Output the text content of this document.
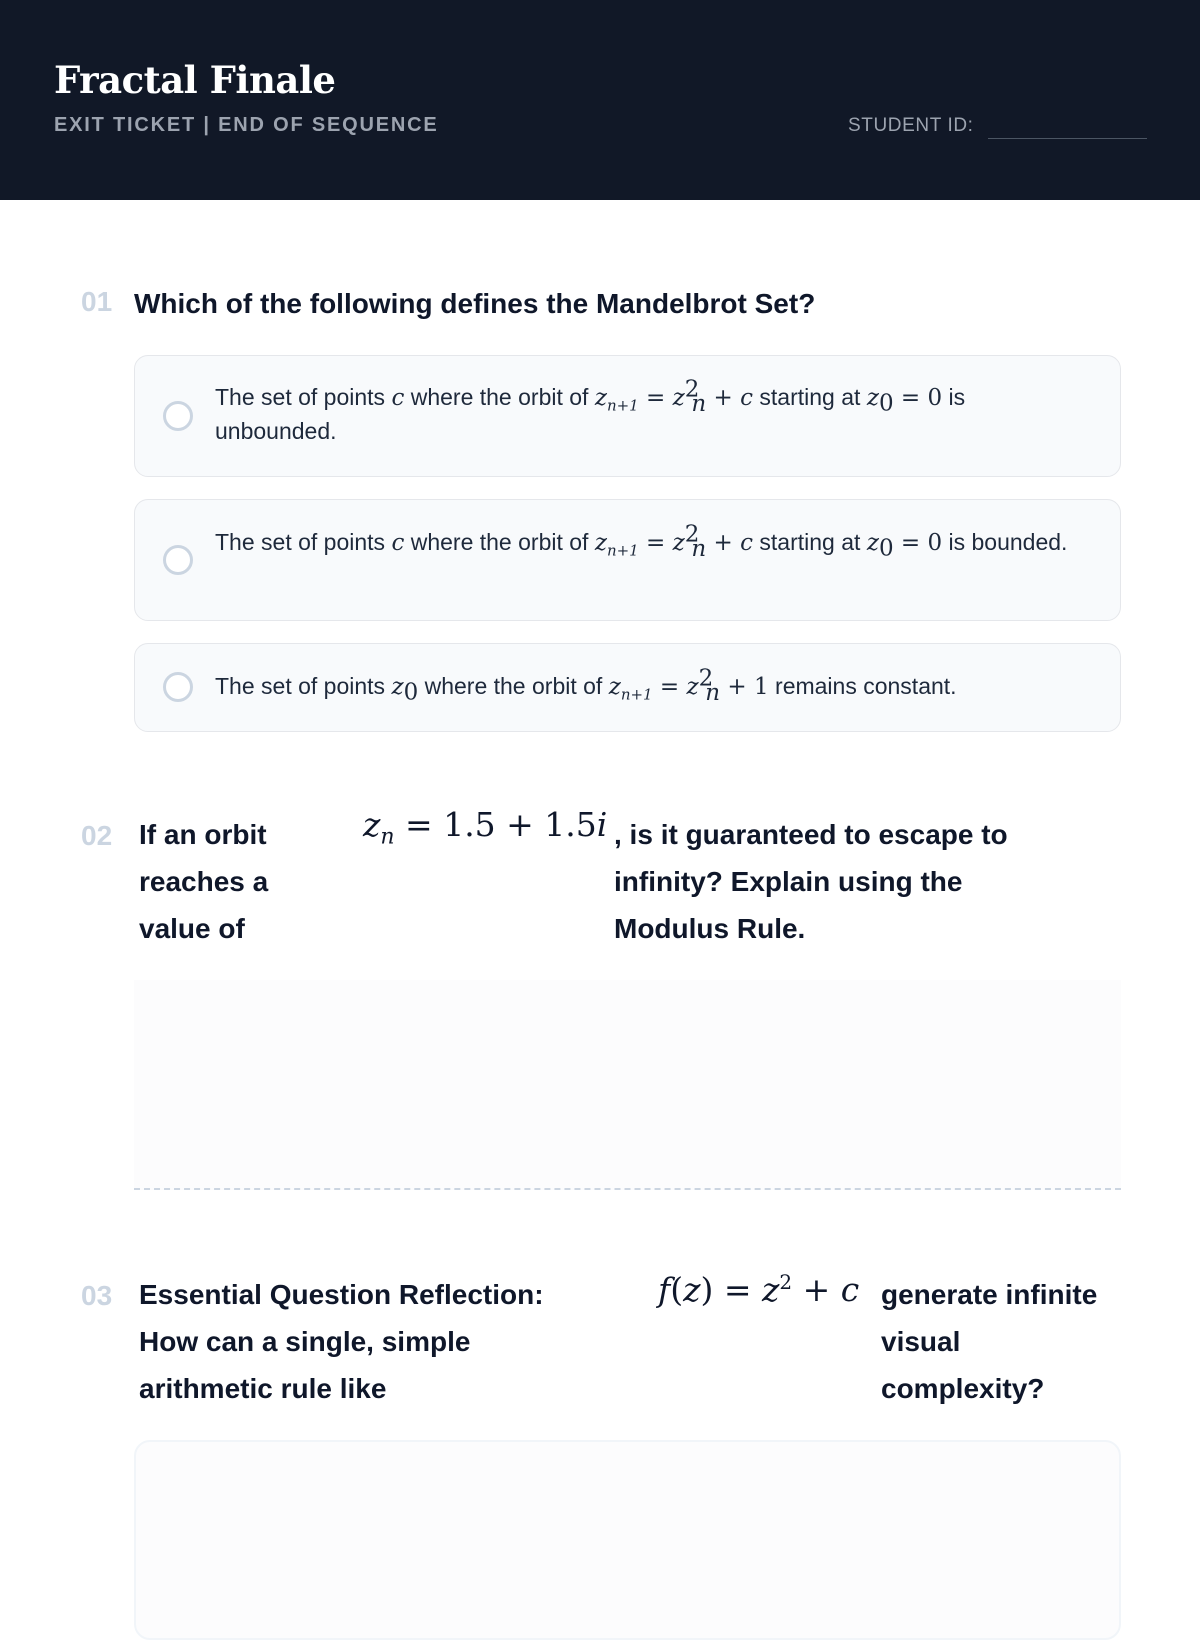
Fractal Finale
EXIT TICKET | END OF SEQUENCE	STUDENT ID:
01 Which of the following defines the Mandelbrot Set?
The set of points c where the orbit of $z_{n+1} = z^2_n + c$ starting at $z_0 = 0$ is unbounded.
The set of points c where the orbit of $z_{n+1} = z^2_n + c$ starting at $z_0 = 0$ is bounded.
The set of points $z_0$ where the orbit of $z_{n+1} = z^2_n + 1$ remains constant.
02 If an orbit reaches a value of
$z_n = 1.5 + 1.5i$ , is it guaranteed to escape to infinity? Explain using the Modulus Rule.
03 Essential Question Reflection: How can a single, simple arithmetic rule like
$f(z) = z^2 + c$ generate infinite visual complexity?
